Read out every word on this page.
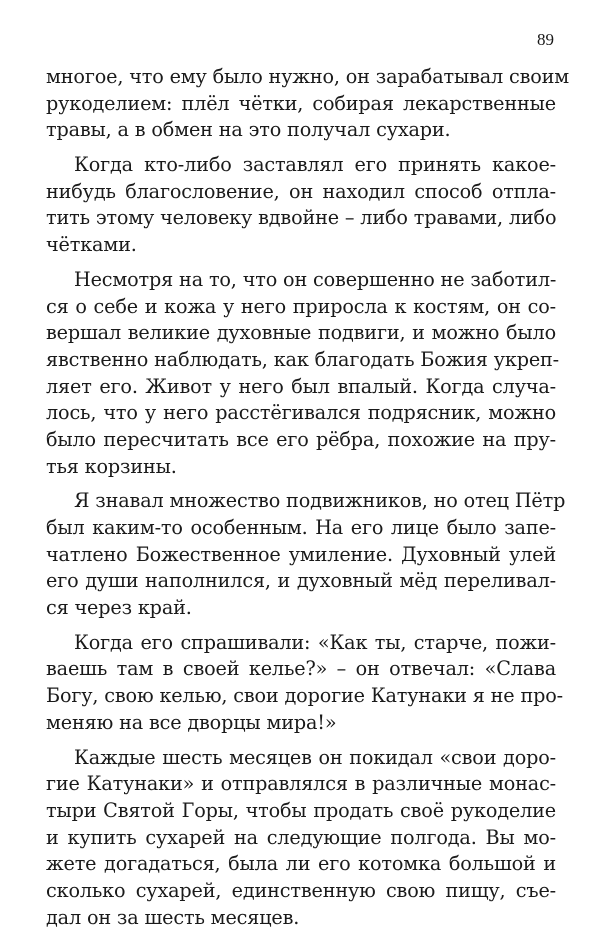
89
многое, что ему было нужно, он зарабатывал своим
рукоделием: плёл чётки, собирая лекарственные
травы, а в обмен на это получал сухари.
Когда кто-либо заставлял его принять какое-
нибудь благословение, он находил способ отпла-
тить этому человеку вдвойне – либо травами, либо
чётками.
Несмотря на то, что он совершенно не заботил-
ся о себе и кожа у него приросла к костям, он со-
вершал великие духовные подвиги, и можно было
явственно наблюдать, как благодать Божия укреп-
ляет его. Живот у него был впалый. Когда случа-
лось, что у него расстёгивался подрясник, можно
было пересчитать все его рёбра, похожие на пру-
тья корзины.
Я знавал множество подвижников, но отец Пётр
был каким-то особенным. На его лице было запе-
чатлено Божественное умиление. Духовный улей
его души наполнился, и духовный мёд переливал-
ся через край.
Когда его спрашивали: «Как ты, старче, пожи-
ваешь там в своей келье?» – он отвечал: «Слава
Богу, свою келью, свои дорогие Катунаки я не про-
меняю на все дворцы мира!»
Каждые шесть месяцев он покидал «свои доро-
гие Катунаки» и отправлялся в различные монас-
тыри Святой Горы, чтобы продать своё рукоделие
и купить сухарей на следующие полгода. Вы мо-
жете догадаться, была ли его котомка большой и
сколько сухарей, единственную свою пищу, съе-
дал он за шесть месяцев.
